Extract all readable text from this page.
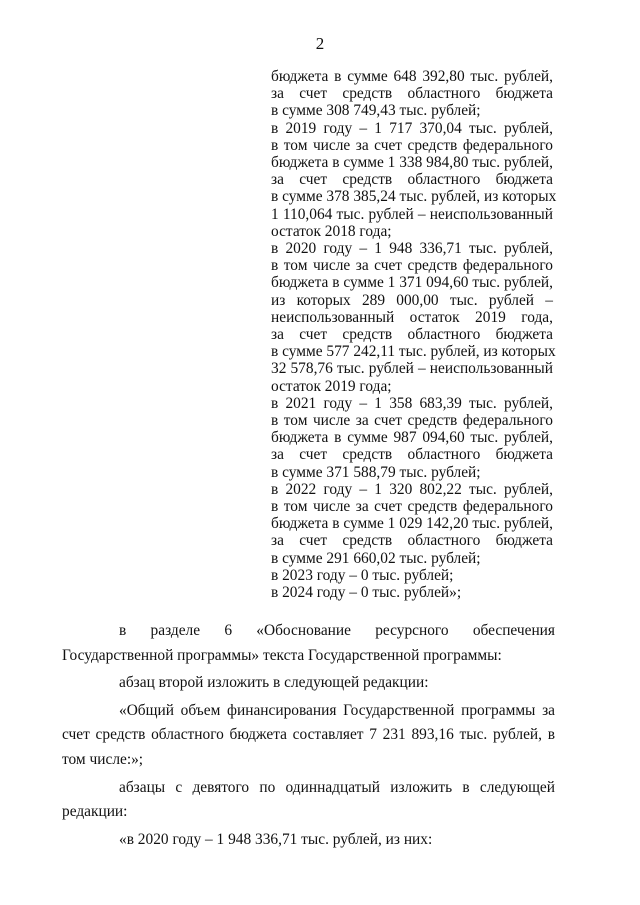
2
бюджета в сумме 648 392,80 тыс. рублей,
за счет средств областного бюджета
в сумме 308 749,43 тыс. рублей;
в 2019 году – 1 717 370,04 тыс. рублей,
в том числе за счет средств федерального
бюджета в сумме 1 338 984,80 тыс. рублей,
за счет средств областного бюджета
в сумме 378 385,24 тыс. рублей, из которых
1 110,064 тыс. рублей – неиспользованный
остаток 2018 года;
в 2020 году – 1 948 336,71 тыс. рублей,
в том числе за счет средств федерального
бюджета в сумме 1 371 094,60 тыс. рублей,
из которых 289 000,00 тыс. рублей –
неиспользованный остаток 2019 года,
за счет средств областного бюджета
в сумме 577 242,11 тыс. рублей, из которых
32 578,76 тыс. рублей – неиспользованный
остаток 2019 года;
в 2021 году – 1 358 683,39 тыс. рублей,
в том числе за счет средств федерального
бюджета в сумме 987 094,60 тыс. рублей,
за счет средств областного бюджета
в сумме 371 588,79 тыс. рублей;
в 2022 году – 1 320 802,22 тыс. рублей,
в том числе за счет средств федерального
бюджета в сумме 1 029 142,20 тыс. рублей,
за счет средств областного бюджета
в сумме 291 660,02 тыс. рублей;
в 2023 году – 0 тыс. рублей;
в 2024 году – 0 тыс. рублей»;

в разделе 6 «Обоснование ресурсного обеспечения Государственной программы» текста Государственной программы:

абзац второй изложить в следующей редакции:

«Общий объем финансирования Государственной программы за счет средств областного бюджета составляет 7 231 893,16 тыс. рублей, в том числе:»;

абзацы с девятого по одиннадцатый изложить в следующей редакции:

«в 2020 году – 1 948 336,71 тыс. рублей, из них:
